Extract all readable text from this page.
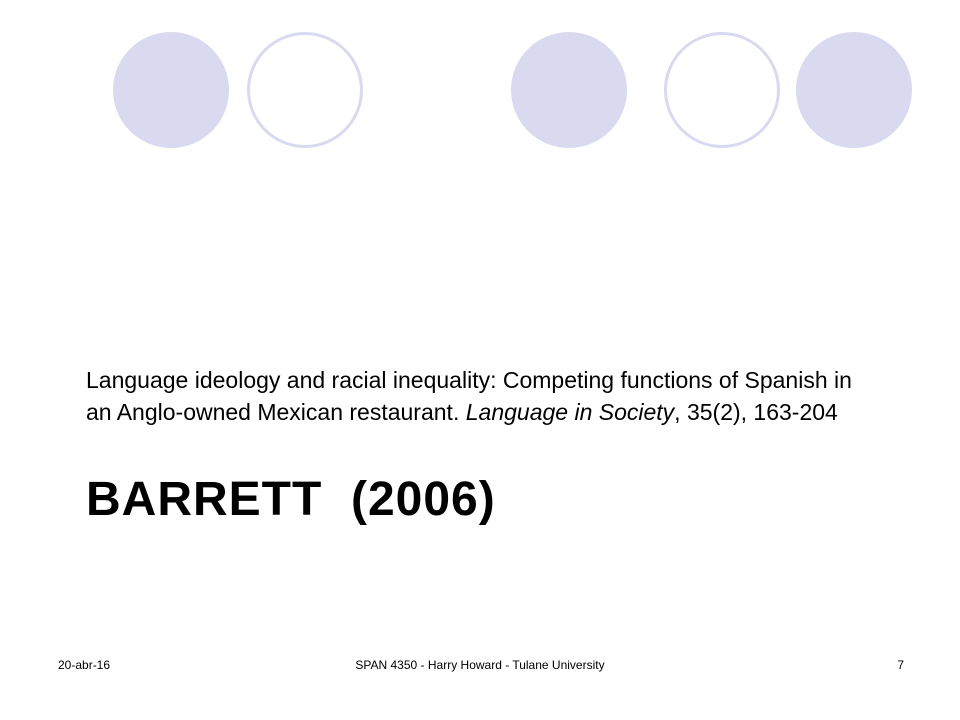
Language ideology and racial inequality: Competing functions of Spanish in an Anglo-owned Mexican restaurant. Language in Society, 35(2), 163-204
BARRETT  (2006)
20-abr-16	SPAN 4350 - Harry Howard - Tulane University	7
